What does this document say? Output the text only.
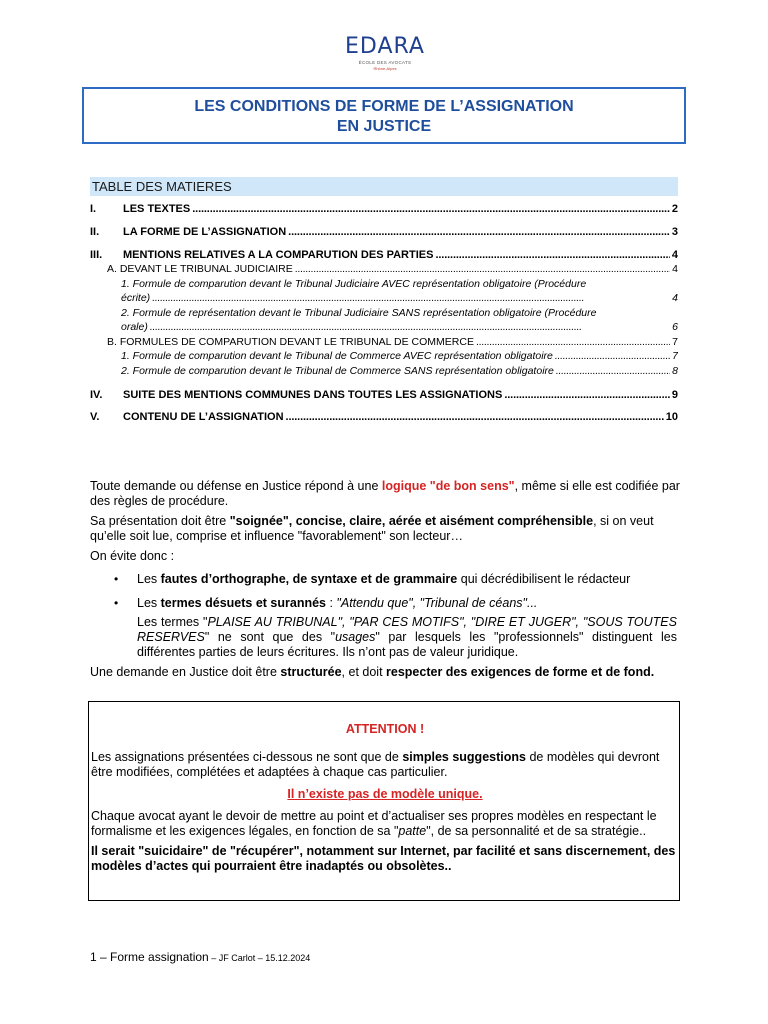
EDARA
ÉCOLE DES AVOCATS
Rhône-Alpes
LES CONDITIONS DE FORME DE L’ASSIGNATION
EN JUSTICE
TABLE DES MATIERES
I.	LES TEXTES . . .	2
II.	LA FORME DE L’ASSIGNATION . . .	3
III.	MENTIONS RELATIVES A LA COMPARUTION DES PARTIES . . .	4
A. DEVANT LE TRIBUNAL JUDICIAIRE . . .	4
1. Formule de comparution devant le Tribunal Judiciaire AVEC représentation obligatoire (Procédure
écrite) . . .	4
2. Formule de représentation devant le Tribunal Judiciaire SANS représentation obligatoire (Procédure
orale) . . .	6
B. FORMULES DE COMPARUTION DEVANT LE TRIBUNAL DE COMMERCE . . .	7
1. Formule de comparution devant le Tribunal de Commerce AVEC représentation obligatoire . . .	7
2. Formule de comparution devant le Tribunal de Commerce SANS représentation obligatoire . . .	8
IV.	SUITE DES MENTIONS COMMUNES DANS TOUTES LES ASSIGNATIONS . . .	9
V.	CONTENU DE L’ASSIGNATION . . .	10
Toute demande ou défense en Justice répond à une logique "de bon sens", même si elle est codifiée par des règles de procédure.
Sa présentation doit être "soignée", concise, claire, aérée et aisément compréhensible, si on veut qu’elle soit lue, comprise et influence "favorablement" son lecteur…
On évite donc :
• Les fautes d’orthographe, de syntaxe et de grammaire qui décrédibilisent le rédacteur
• Les termes désuets et surannés : "Attendu que", "Tribunal de céans"...
Les termes "PLAISE AU TRIBUNAL", "PAR CES MOTIFS", "DIRE ET JUGER", "SOUS TOUTES RESERVES" ne sont que des "usages" par lesquels les "professionnels" distinguent les différentes parties de leurs écritures. Ils n’ont pas de valeur juridique.
Une demande en Justice doit être structurée, et doit respecter des exigences de forme et de fond.
ATTENTION !
Les assignations présentées ci-dessous ne sont que de simples suggestions de modèles qui devront être modifiées, complétées et adaptées à chaque cas particulier.
Il n’existe pas de modèle unique.
Chaque avocat ayant le devoir de mettre au point et d’actualiser ses propres modèles en respectant le formalisme et les exigences légales, en fonction de sa "patte", de sa personnalité et de sa stratégie..
Il serait "suicidaire" de "récupérer", notamment sur Internet, par facilité et sans discernement, des modèles d’actes qui pourraient être inadaptés ou obsolètes..
1 – Forme assignation – JF Carlot – 15.12.2024
